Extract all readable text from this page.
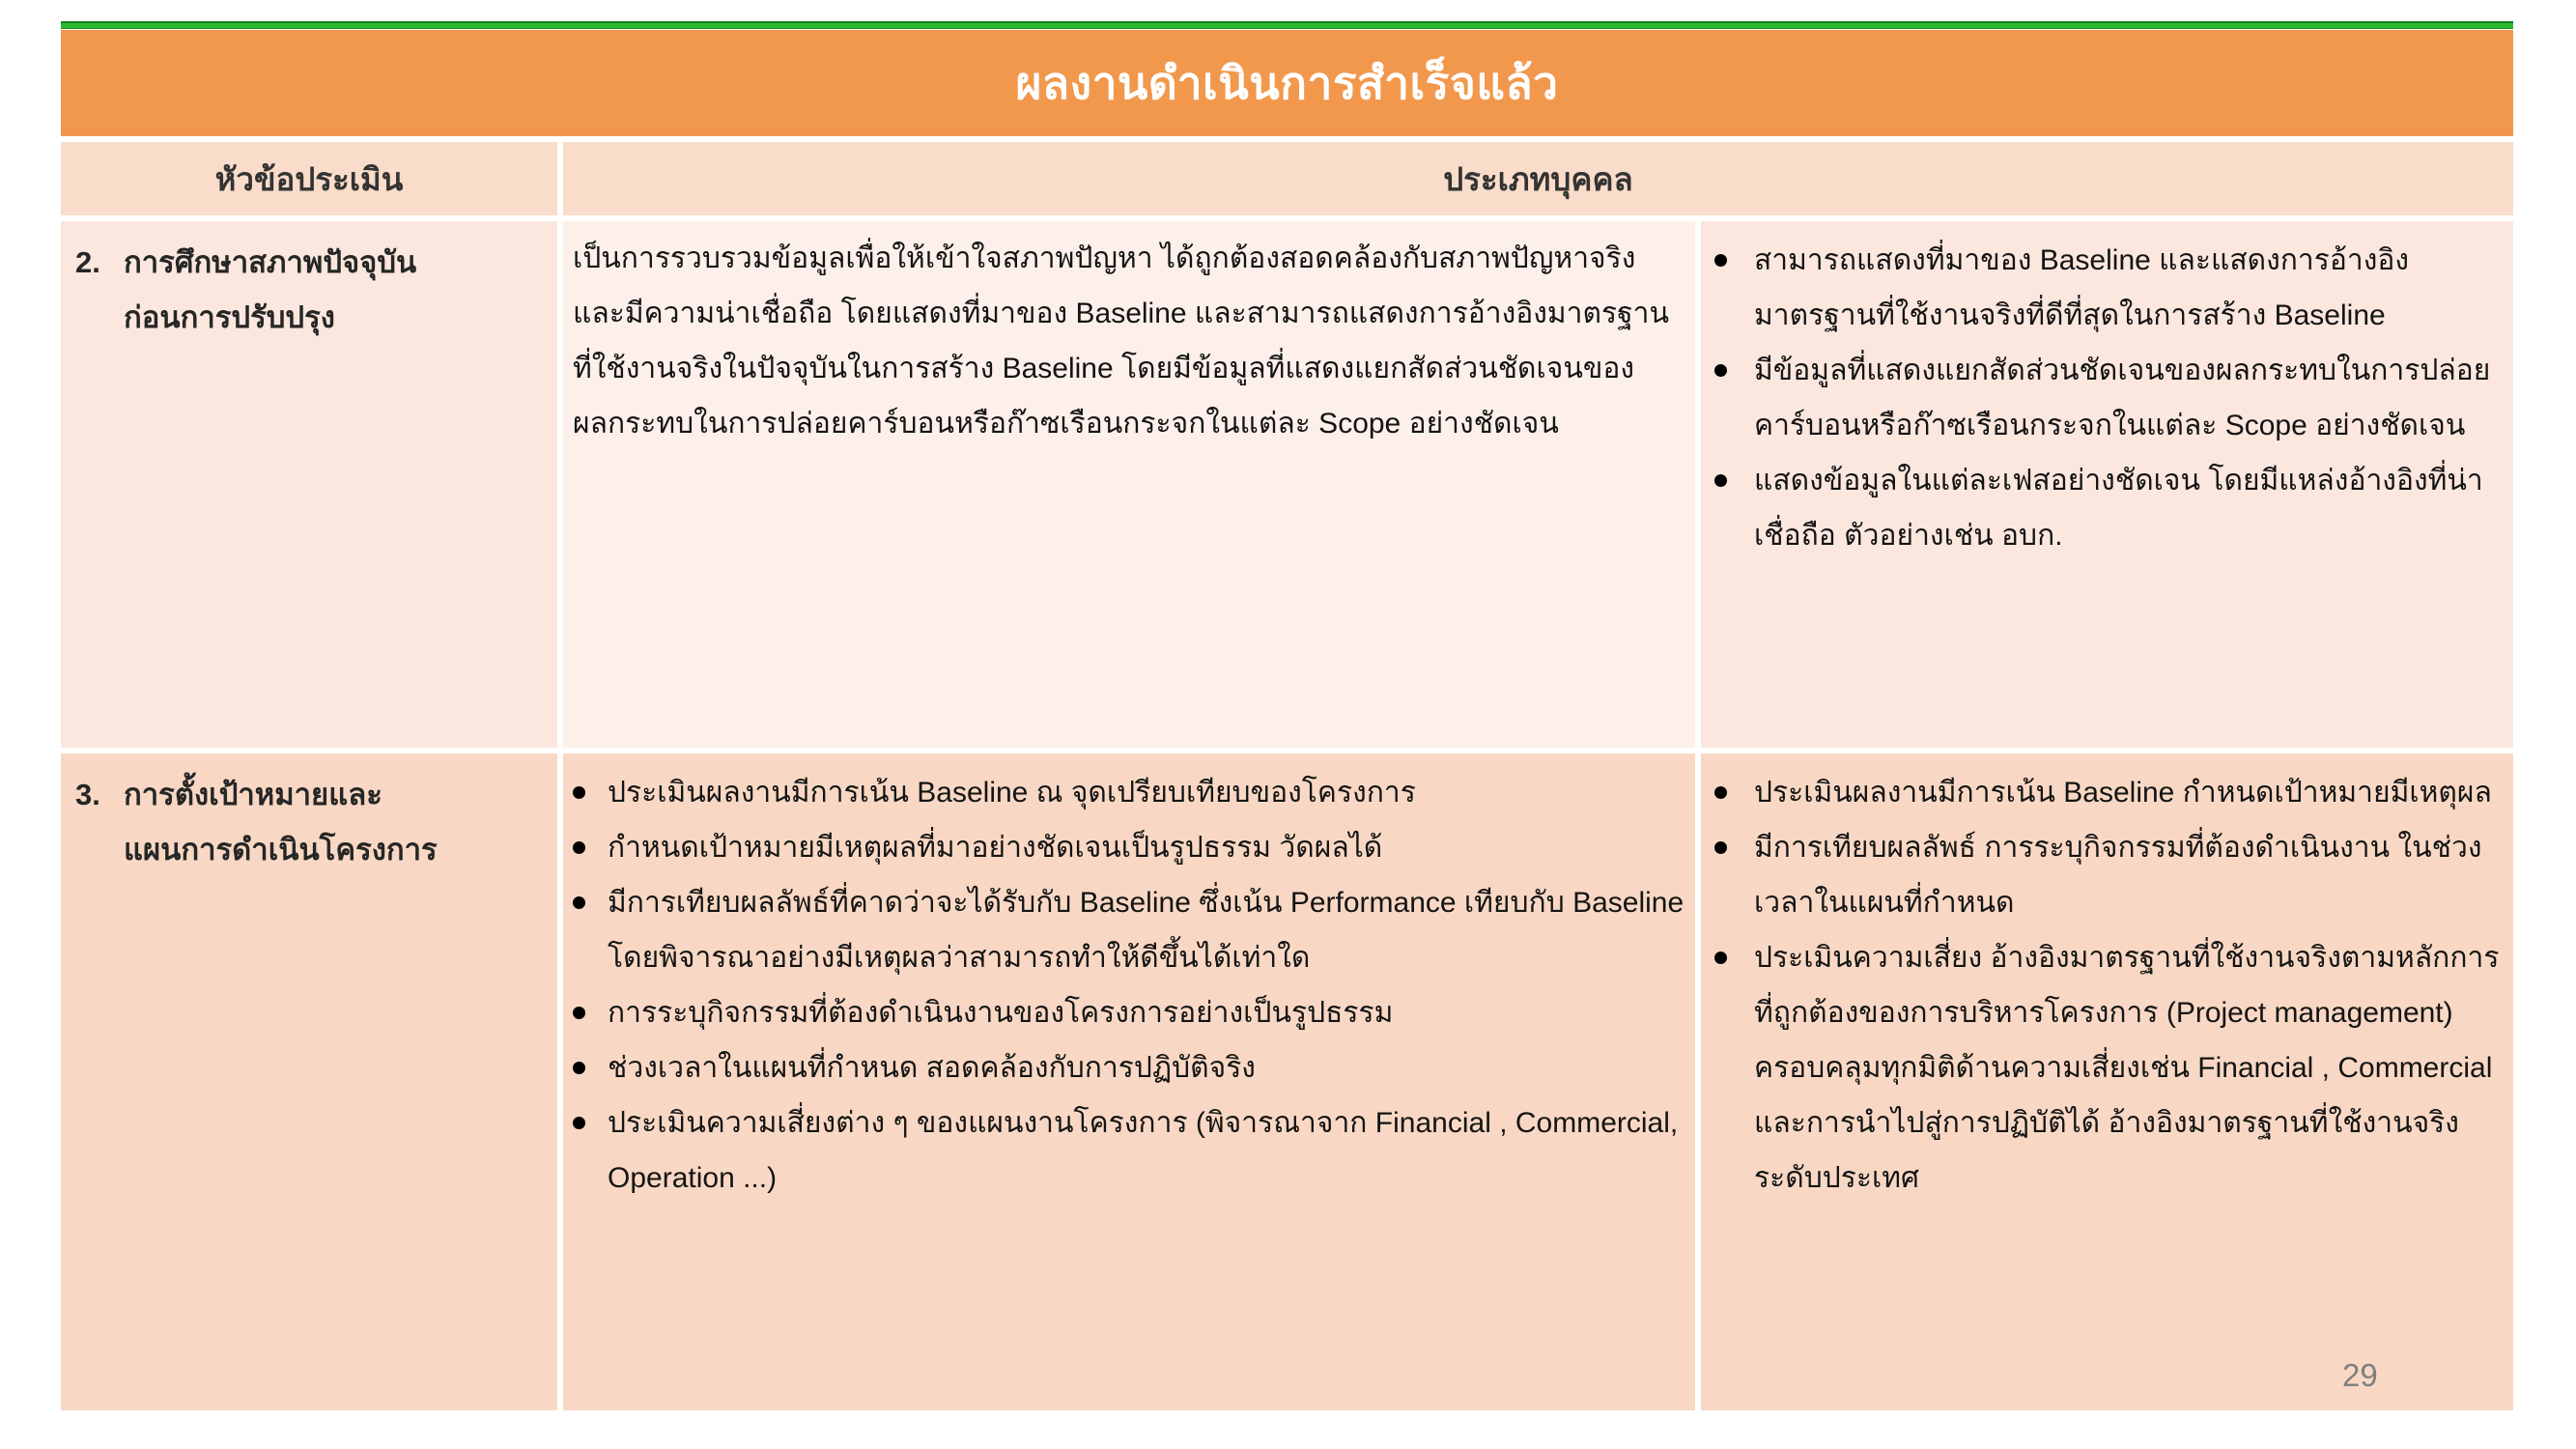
ผลงานดำเนินการสำเร็จแล้ว
หัวข้อประเมิน	ประเภทบุคคล
2. การศึกษาสภาพปัจจุบัน
ก่อนการปรับปรุง
เป็นการรวบรวมข้อมูลเพื่อให้เข้าใจสภาพปัญหา ได้ถูกต้องสอดคล้องกับสภาพปัญหาจริงและมีความน่าเชื่อถือ โดยแสดงที่มาของ Baseline และสามารถแสดงการอ้างอิงมาตรฐานที่ใช้งานจริงในปัจจุบันในการสร้าง Baseline โดยมีข้อมูลที่แสดงแยกสัดส่วนชัดเจนของผลกระทบในการปล่อยคาร์บอนหรือก๊าซเรือนกระจกในแต่ละ Scope อย่างชัดเจน
สามารถแสดงที่มาของ Baseline และแสดงการอ้างอิงมาตรฐานที่ใช้งานจริงที่ดีที่สุดในการสร้าง Baseline
มีข้อมูลที่แสดงแยกสัดส่วนชัดเจนของผลกระทบในการปล่อยคาร์บอนหรือก๊าซเรือนกระจกในแต่ละ Scope อย่างชัดเจน
แสดงข้อมูลในแต่ละเฟสอย่างชัดเจน โดยมีแหล่งอ้างอิงที่น่าเชื่อถือ ตัวอย่างเช่น อบก.
3. การตั้งเป้าหมายและ
แผนการดำเนินโครงการ
ประเมินผลงานมีการเน้น Baseline ณ จุดเปรียบเทียบของโครงการ
กำหนดเป้าหมายมีเหตุผลที่มาอย่างชัดเจนเป็นรูปธรรม วัดผลได้
มีการเทียบผลลัพธ์ที่คาดว่าจะได้รับกับ Baseline ซึ่งเน้น Performance เทียบกับ Baseline โดยพิจารณาอย่างมีเหตุผลว่าสามารถทำให้ดีขึ้นได้เท่าใด
การระบุกิจกรรมที่ต้องดำเนินงานของโครงการอย่างเป็นรูปธรรม
ช่วงเวลาในแผนที่กำหนด สอดคล้องกับการปฏิบัติจริง
ประเมินความเสี่ยงต่าง ๆ ของแผนงานโครงการ (พิจารณาจาก Financial , Commercial, Operation ...)
ประเมินผลงานมีการเน้น Baseline กำหนดเป้าหมายมีเหตุผล
มีการเทียบผลลัพธ์ การระบุกิจกรรมที่ต้องดำเนินงาน ในช่วงเวลาในแผนที่กำหนด
ประเมินความเสี่ยง อ้างอิงมาตรฐานที่ใช้งานจริงตามหลักการที่ถูกต้องของการบริหารโครงการ (Project management) ครอบคลุมทุกมิติด้านความเสี่ยงเช่น Financial , Commercial และการนำไปสู่การปฏิบัติได้ อ้างอิงมาตรฐานที่ใช้งานจริงระดับประเทศ
29
